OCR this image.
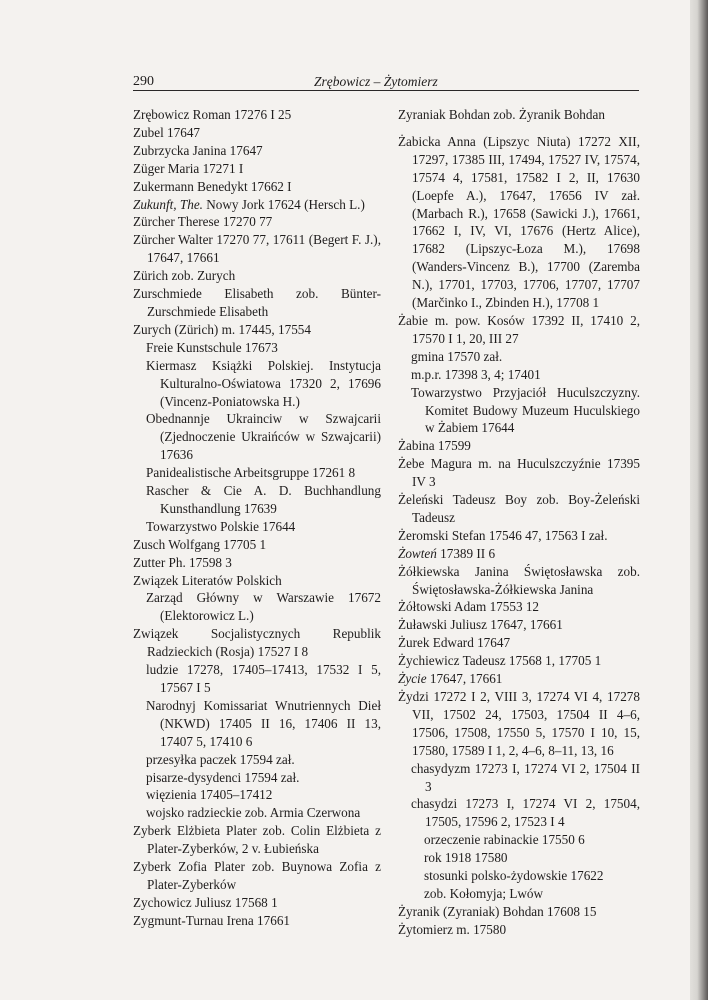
290	Zrębowicz – Żytomierz
Zrębowicz Roman 17276 I 25
Zubel 17647
Zubrzycka Janina 17647
Züger Maria 17271 I
Zukermann Benedykt 17662 I
Zukunft, The. Nowy Jork 17624 (Hersch L.)
Zürcher Therese 17270 77
Zürcher Walter 17270 77, 17611 (Begert F. J.), 17647, 17661
Zürich zob. Zurych
Zurschmiede Elisabeth zob. Bünter-Zurschmiede Elisabeth
Zurych (Zürich) m. 17445, 17554
Freie Kunstschule 17673
Kiermasz Książki Polskiej. Instytucja Kulturalno-Oświatowa 17320 2, 17696 (Vincenz-Poniatowska H.)
Obednannje Ukraincіw w Szwajcarii (Zjednoczenie Ukraińców w Szwajcarii) 17636
Panidealistische Arbeitsgruppe 17261 8
Rascher & Cie A. D. Buchhandlung Kunsthandlung 17639
Towarzystwo Polskie 17644
Zusch Wolfgang 17705 1
Zutter Ph. 17598 3
Związek Literatów Polskich
Zarząd Główny w Warszawie 17672 (Elektorowicz L.)
Związek Socjalistycznych Republik Radzieckich (Rosja) 17527 I 8
ludzie 17278, 17405–17413, 17532 I 5, 17567 I 5
Narodnyj Komissariat Wnutriennych Dieł (NKWD) 17405 II 16, 17406 II 13, 17407 5, 17410 6
przesyłka paczek 17594 zał.
pisarze-dysydenci 17594 zał.
więzienia 17405–17412
wojsko radzieckie zob. Armia Czerwona
Zyberk Elżbieta Plater zob. Colin Elżbieta z Plater-Zyberków, 2 v. Łubieńska
Zyberk Zofia Plater zob. Buynowa Zofia z Plater-Zyberków
Zychowicz Juliusz 17568 1
Zygmunt-Turnau Irena 17661
Zyraniak Bohdan zob. Żyranik Bohdan
Żabicka Anna (Lipszyc Niuta) 17272 XII, 17297, 17385 III, 17494, 17527 IV, 17574, 17574 4, 17581, 17582 I 2, II, 17630 (Loepfe A.), 17647, 17656 IV zał. (Marbach R.), 17658 (Sawicki J.), 17661, 17662 I, IV, VI, 17676 (Hertz Alice), 17682 (Lipszyc-Łoza M.), 17698 (Wanders-Vincenz B.), 17700 (Zaremba N.), 17701, 17703, 17706, 17707, 17707 (Marčinko I., Zbinden H.), 17708 1
Żabie m. pow. Kosów 17392 II, 17410 2, 17570 I 1, 20, III 27
gmina 17570 zał.
m.p.r. 17398 3, 4; 17401
Towarzystwo Przyjaciół Huculszczyzny. Komitet Budowy Muzeum Huculskiego w Żabiem 17644
Żabina 17599
Żebe Magura m. na Huculszczyźnie 17395 IV 3
Żeleński Tadeusz Boy zob. Boy-Żeleński Tadeusz
Żeromski Stefan 17546 47, 17563 I zał.
Żowteń 17389 II 6
Żółkiewska Janina Świętosławska zob. Świętosławska-Żółkiewska Janina
Żółtowski Adam 17553 12
Żuławski Juliusz 17647, 17661
Żurek Edward 17647
Żychiewicz Tadeusz 17568 1, 17705 1
Życie 17647, 17661
Żydzi 17272 I 2, VIII 3, 17274 VI 4, 17278 VII, 17502 24, 17503, 17504 II 4–6, 17506, 17508, 17550 5, 17570 I 10, 15, 17580, 17589 I 1, 2, 4–6, 8–11, 13, 16
chasydyzm 17273 I, 17274 VI 2, 17504 II 3
chasydzi 17273 I, 17274 VI 2, 17504, 17505, 17596 2, 17523 I 4
orzeczenie rabinackie 17550 6
rok 1918 17580
stosunki polsko-żydowskie 17622
zob. Kołomyja; Lwów
Żyranik (Zyraniak) Bohdan 17608 15
Żytomierz m. 17580
